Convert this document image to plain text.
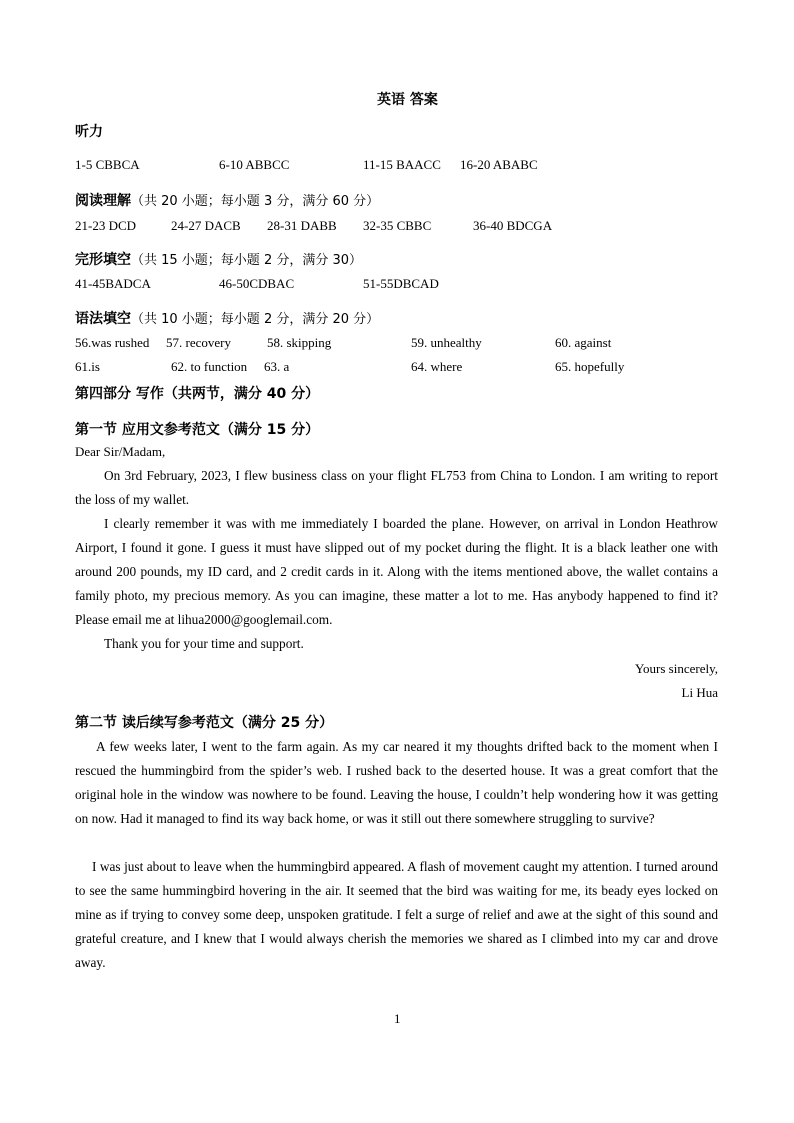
英语 答案
听力
1-5 CBBCA	6-10 ABBCC	11-15 BAACC 16-20 ABABC
阅读理解（共 20 小题；每小题 3 分，满分 60 分）
21-23 DCD	24-27 DACB 28-31 DABB 32-35 CBBC	36-40 BDCGA
完形填空（共 15 小题；每小题 2 分，满分 30）
41-45BADCA	46-50CDBAC	51-55DBCAD
语法填空（共 10 小题；每小题 2 分，满分 20 分）
56.was rushed 57. recovery	58. skipping	59. unhealthy	60. against
61.is	62. to function 63. a	64. where	65. hopefully
第四部分 写作（共两节，满分 40 分）
第一节 应用文参考范文（满分 15 分）
Dear Sir/Madam,
On 3rd February, 2023, I flew business class on your flight FL753 from China to London. I am writing to report the loss of my wallet.
I clearly remember it was with me immediately I boarded the plane. However, on arrival in London Heathrow Airport, I found it gone. I guess it must have slipped out of my pocket during the flight. It is a black leather one with around 200 pounds, my ID card, and 2 credit cards in it. Along with the items mentioned above, the wallet contains a family photo, my precious memory. As you can imagine, these matter a lot to me. Has anybody happened to find it? Please email me at lihua2000@googlemail.com.
Thank you for your time and support.
Yours sincerely,
Li Hua
第二节 读后续写参考范文（满分 25 分）
A few weeks later, I went to the farm again. As my car neared it my thoughts drifted back to the moment when I rescued the hummingbird from the spider’s web. I rushed back to the deserted house. It was a great comfort that the original hole in the window was nowhere to be found. Leaving the house, I couldn’t help wondering how it was getting on now. Had it managed to find its way back home, or was it still out there somewhere struggling to survive?
I was just about to leave when the hummingbird appeared. A flash of movement caught my attention. I turned around to see the same hummingbird hovering in the air. It seemed that the bird was waiting for me, its beady eyes locked on mine as if trying to convey some deep, unspoken gratitude. I felt a surge of relief and awe at the sight of this sound and grateful creature, and I knew that I would always cherish the memories we shared as I climbed into my car and drove away.
1
